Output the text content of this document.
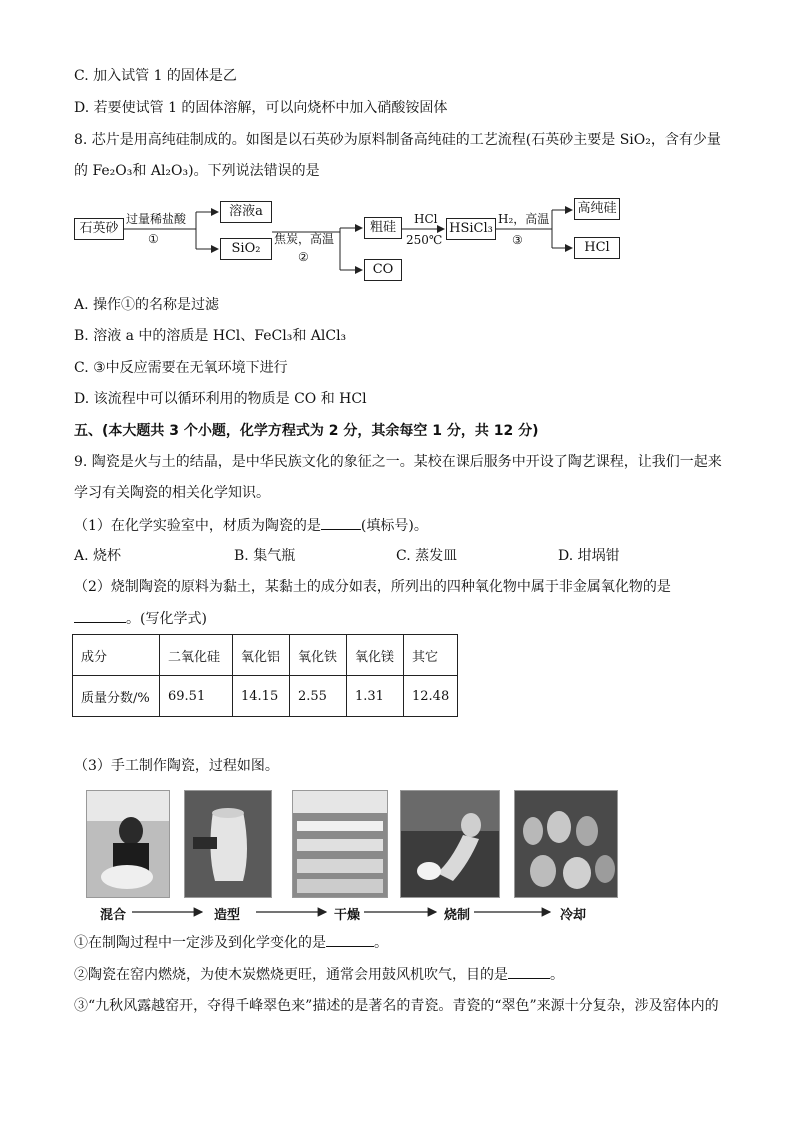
C. 加入试管 1 的固体是乙
D. 若要使试管 1 的固体溶解，可以向烧杯中加入硝酸铵固体
8. 芯片是用高纯硅制成的。如图是以石英砂为原料制备高纯硅的工艺流程(石英砂主要是 SiO₂，含有少量
的 Fe₂O₃和 Al₂O₃)。下列说法错误的是
石英砂
过量稀盐酸
①
溶液a
SiO₂
焦炭，高温
②
粗硅
CO
HCl
250℃
HSiCl₃
H₂，高温
③
高纯硅
HCl
A. 操作①的名称是过滤
B. 溶液 a 中的溶质是 HCl、FeCl₃和 AlCl₃
C. ③中反应需要在无氧环境下进行
D. 该流程中可以循环利用的物质是 CO 和 HCl
五、(本大题共 3 个小题，化学方程式为 2 分，其余每空 1 分，共 12 分)
9. 陶瓷是火与土的结晶，是中华民族文化的象征之一。某校在课后服务中开设了陶艺课程，让我们一起来
学习有关陶瓷的相关化学知识。
（1）在化学实验室中，材质为陶瓷的是	(填标号)。
A. 烧杯	B. 集气瓶	C. 蒸发皿	D. 坩埚钳
（2）烧制陶瓷的原料为黏土，某黏土的成分如表，所列出的四种氧化物中属于非金属氧化物的是
。(写化学式)
成分	二氧化硅	氧化铝	氧化铁	氧化镁	其它
质量分数/%	69.51	14.15	2.55	1.31	12.48
（3）手工制作陶瓷，过程如图。
混合	造型	干燥	烧制	冷却
①在制陶过程中一定涉及到化学变化的是	。
②陶瓷在窑内燃烧，为使木炭燃烧更旺，通常会用鼓风机吹气，目的是	。
③“九秋风露越窑开，夺得千峰翠色来”描述的是著名的青瓷。青瓷的“翠色”来源十分复杂，涉及窑体内的
